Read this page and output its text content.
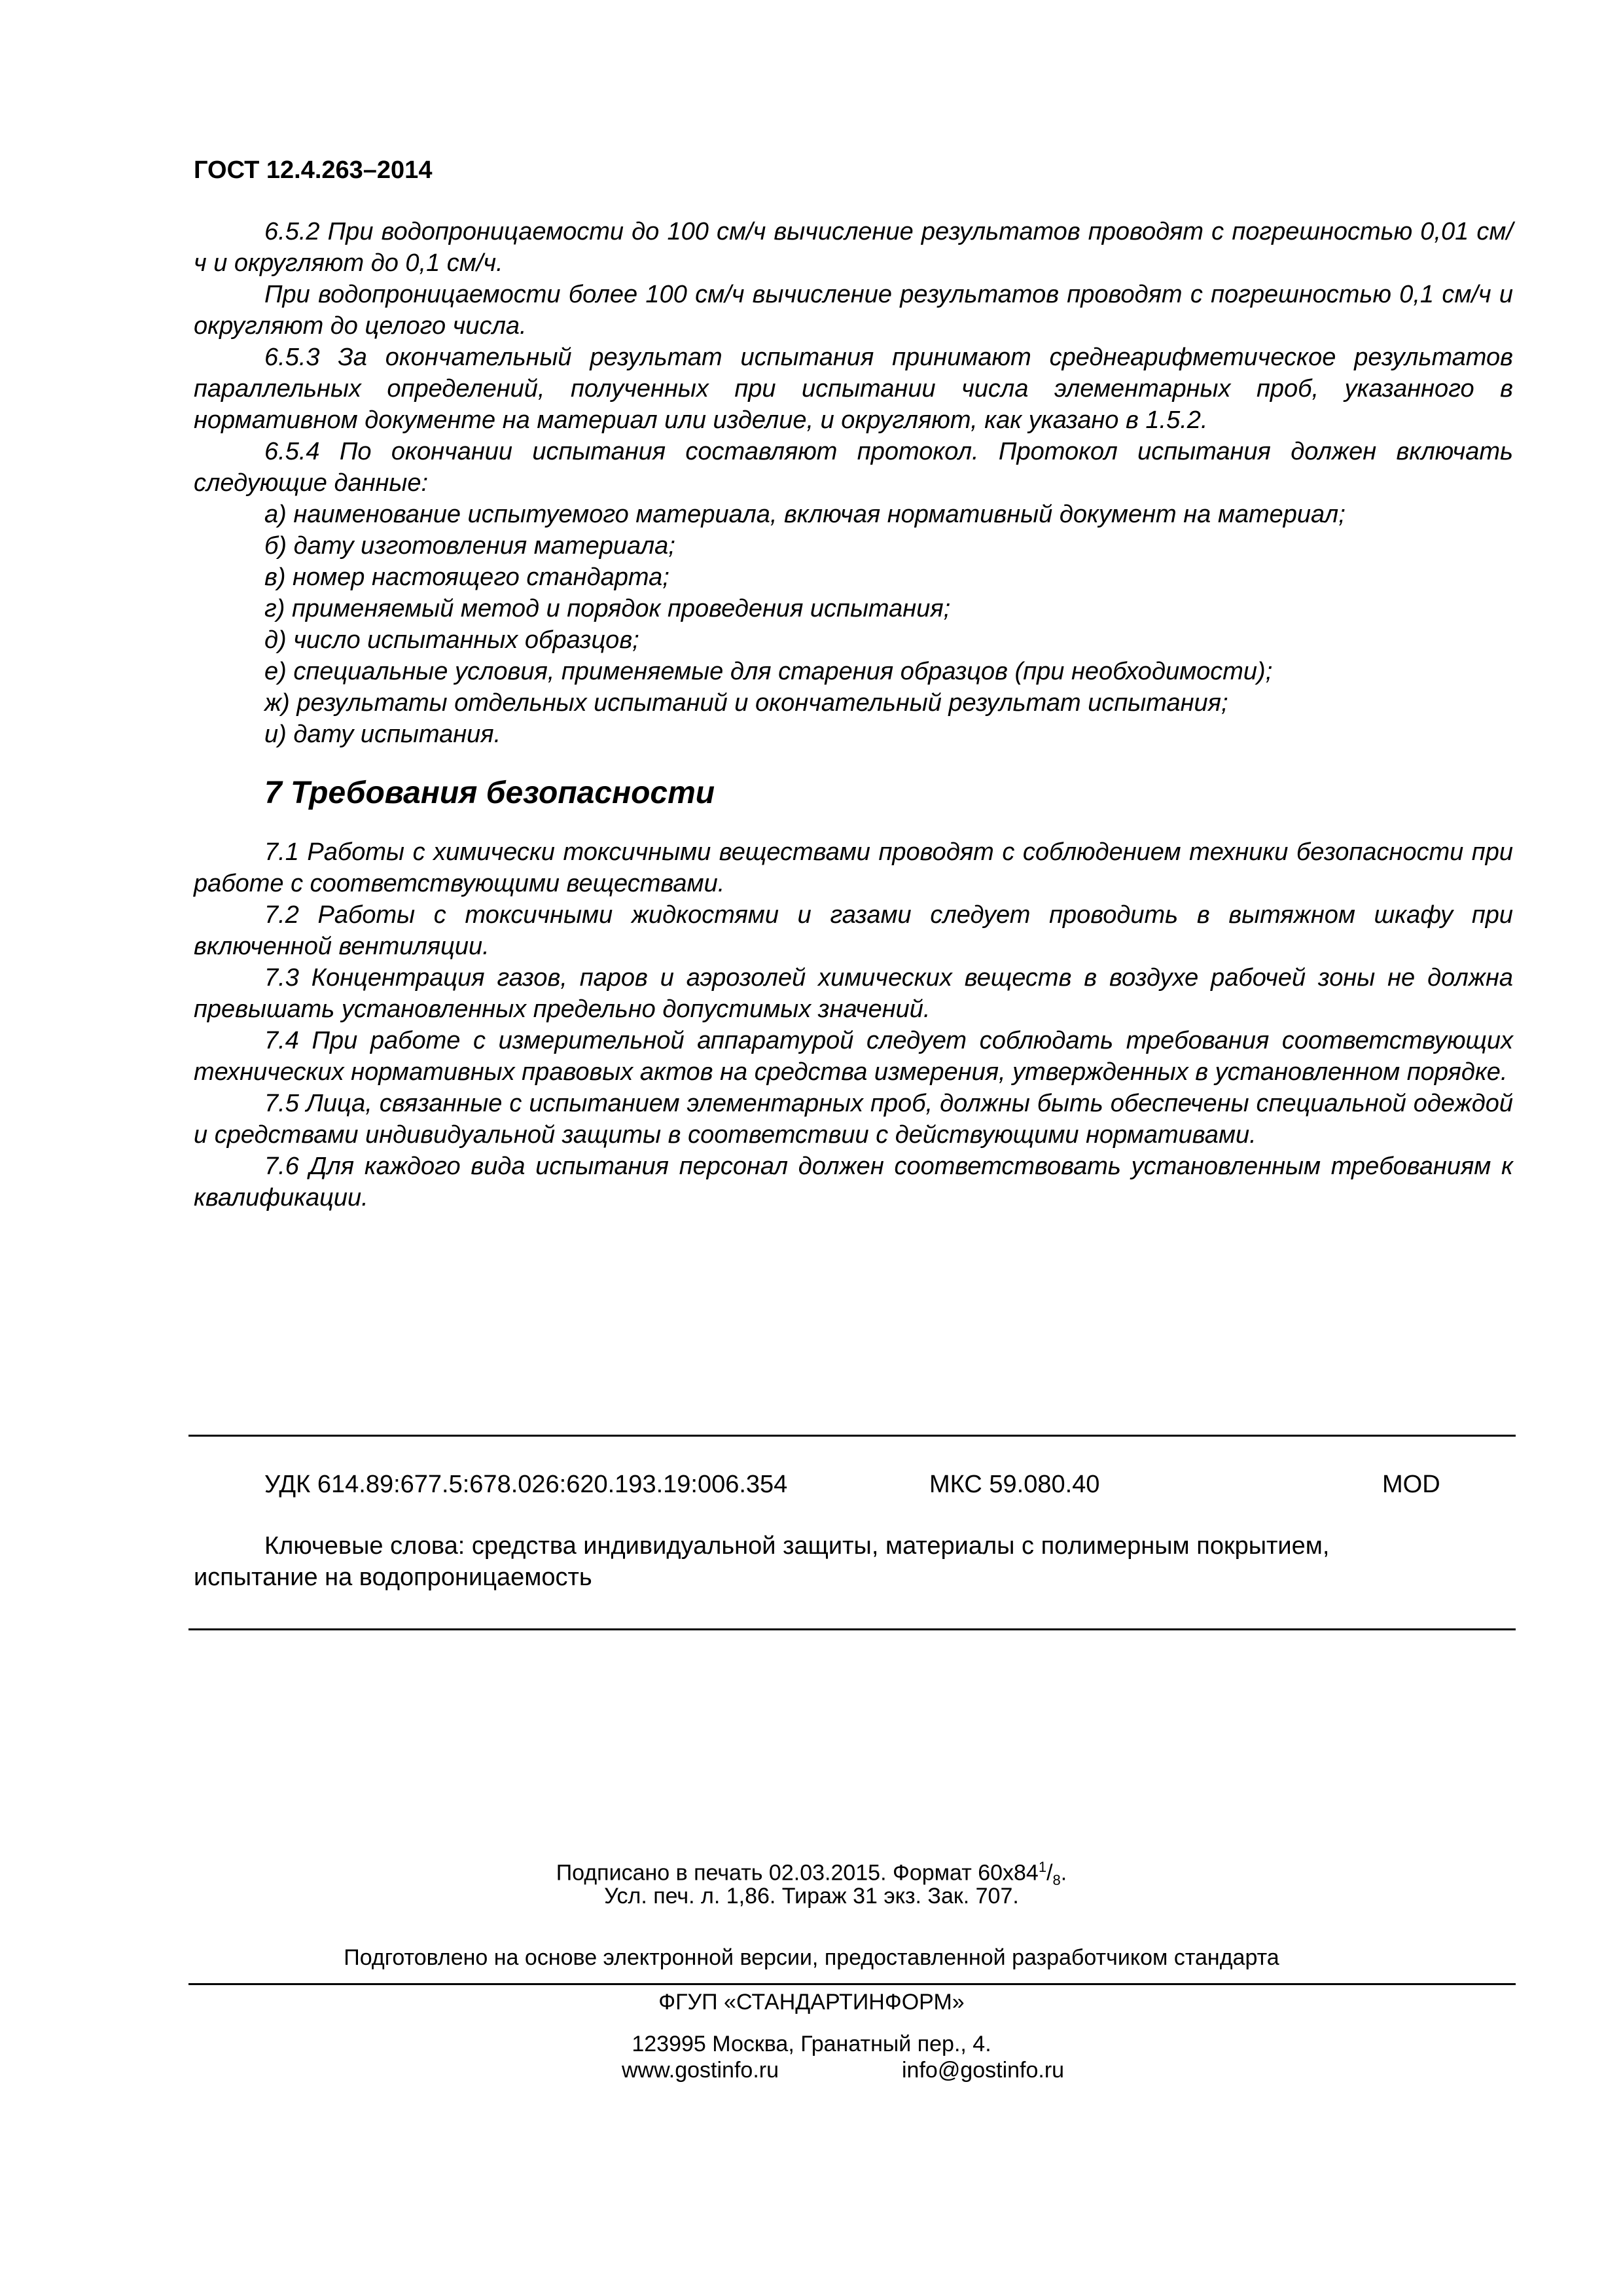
ГОСТ 12.4.263–2014

6.5.2 При водопроницаемости до 100 см/ч вычисление результатов проводят с погрешностью 0,01 см/ч и округляют до 0,1 см/ч.

При водопроницаемости более 100 см/ч вычисление результатов проводят с погрешностью 0,1 см/ч и округляют до целого числа.

6.5.3 За окончательный результат испытания принимают среднеарифметическое результатов параллельных определений, полученных при испытании числа элементарных проб, указанного в нормативном документе на материал или изделие, и округляют, как указано в 1.5.2.

6.5.4 По окончании испытания составляют протокол. Протокол испытания должен включать следующие данные:

а) наименование испытуемого материала, включая нормативный документ на материал;
б) дату изготовления материала;
в) номер настоящего стандарта;
г) применяемый метод и порядок проведения испытания;
д) число испытанных образцов;
е) специальные условия, применяемые для старения образцов (при необходимости);
ж) результаты отдельных испытаний и окончательный результат испытания;
и) дату испытания.
7 Требования безопасности

7.1 Работы с химически токсичными веществами проводят с соблюдением техники безопасности при работе с соответствующими веществами.

7.2 Работы с токсичными жидкостями и газами следует проводить в вытяжном шкафу при включенной вентиляции.

7.3 Концентрация газов, паров и аэрозолей химических веществ в воздухе рабочей зоны не должна превышать установленных предельно допустимых значений.

7.4 При работе с измерительной аппаратурой следует соблюдать требования соответствующих технических нормативных правовых актов на средства измерения, утвержденных в установленном порядке.

7.5 Лица, связанные с испытанием элементарных проб, должны быть обеспечены специальной одеждой и средствами индивидуальной защиты в соответствии с действующими нормативами.

7.6 Для каждого вида испытания персонал должен соответствовать установленным требованиям к квалификации.

УДК 614.89:677.5:678.026:620.193.19:006.354	МКС 59.080.40	MOD
Ключевые слова: средства индивидуальной защиты, материалы с полимерным покрытием,
испытание на водопроницаемость
Подписано в печать 02.03.2015. Формат $60х84^1/_8$.
Усл. печ. л. 1,86. Тираж 31 экз. Зак. 707.
Подготовлено на основе электронной версии, предоставленной разработчиком стандарта
ФГУП «СТАНДАРТИНФОРМ»
123995 Москва, Гранатный пер., 4.
www.gostinfo.ru	info@gostinfo.ru
